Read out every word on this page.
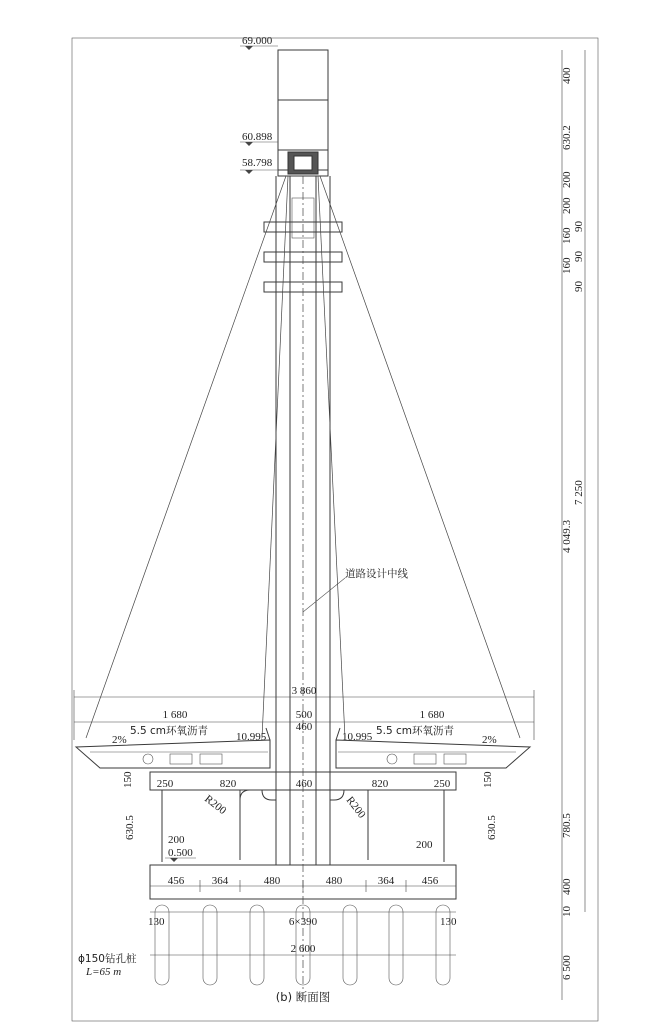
69.000
60.898
58.798
道路设计中线
3 860
1 680	1 680
500
460
5.5 cm环氧沥青	5.5 cm环氧沥青
2%	2%
10.995	10.995
150	150
250	820	460	820	250
R200	R200
630.5	630.5
200	200
0.500
456	364	480	480	364	456
130	130
6×390
2 600
ϕ150钻孔桩
L=65 m
400
630.2
200
200
160
90
90
160
90
7 250
4 049.3
780.5
400
10
6 500
(b) 断面图
